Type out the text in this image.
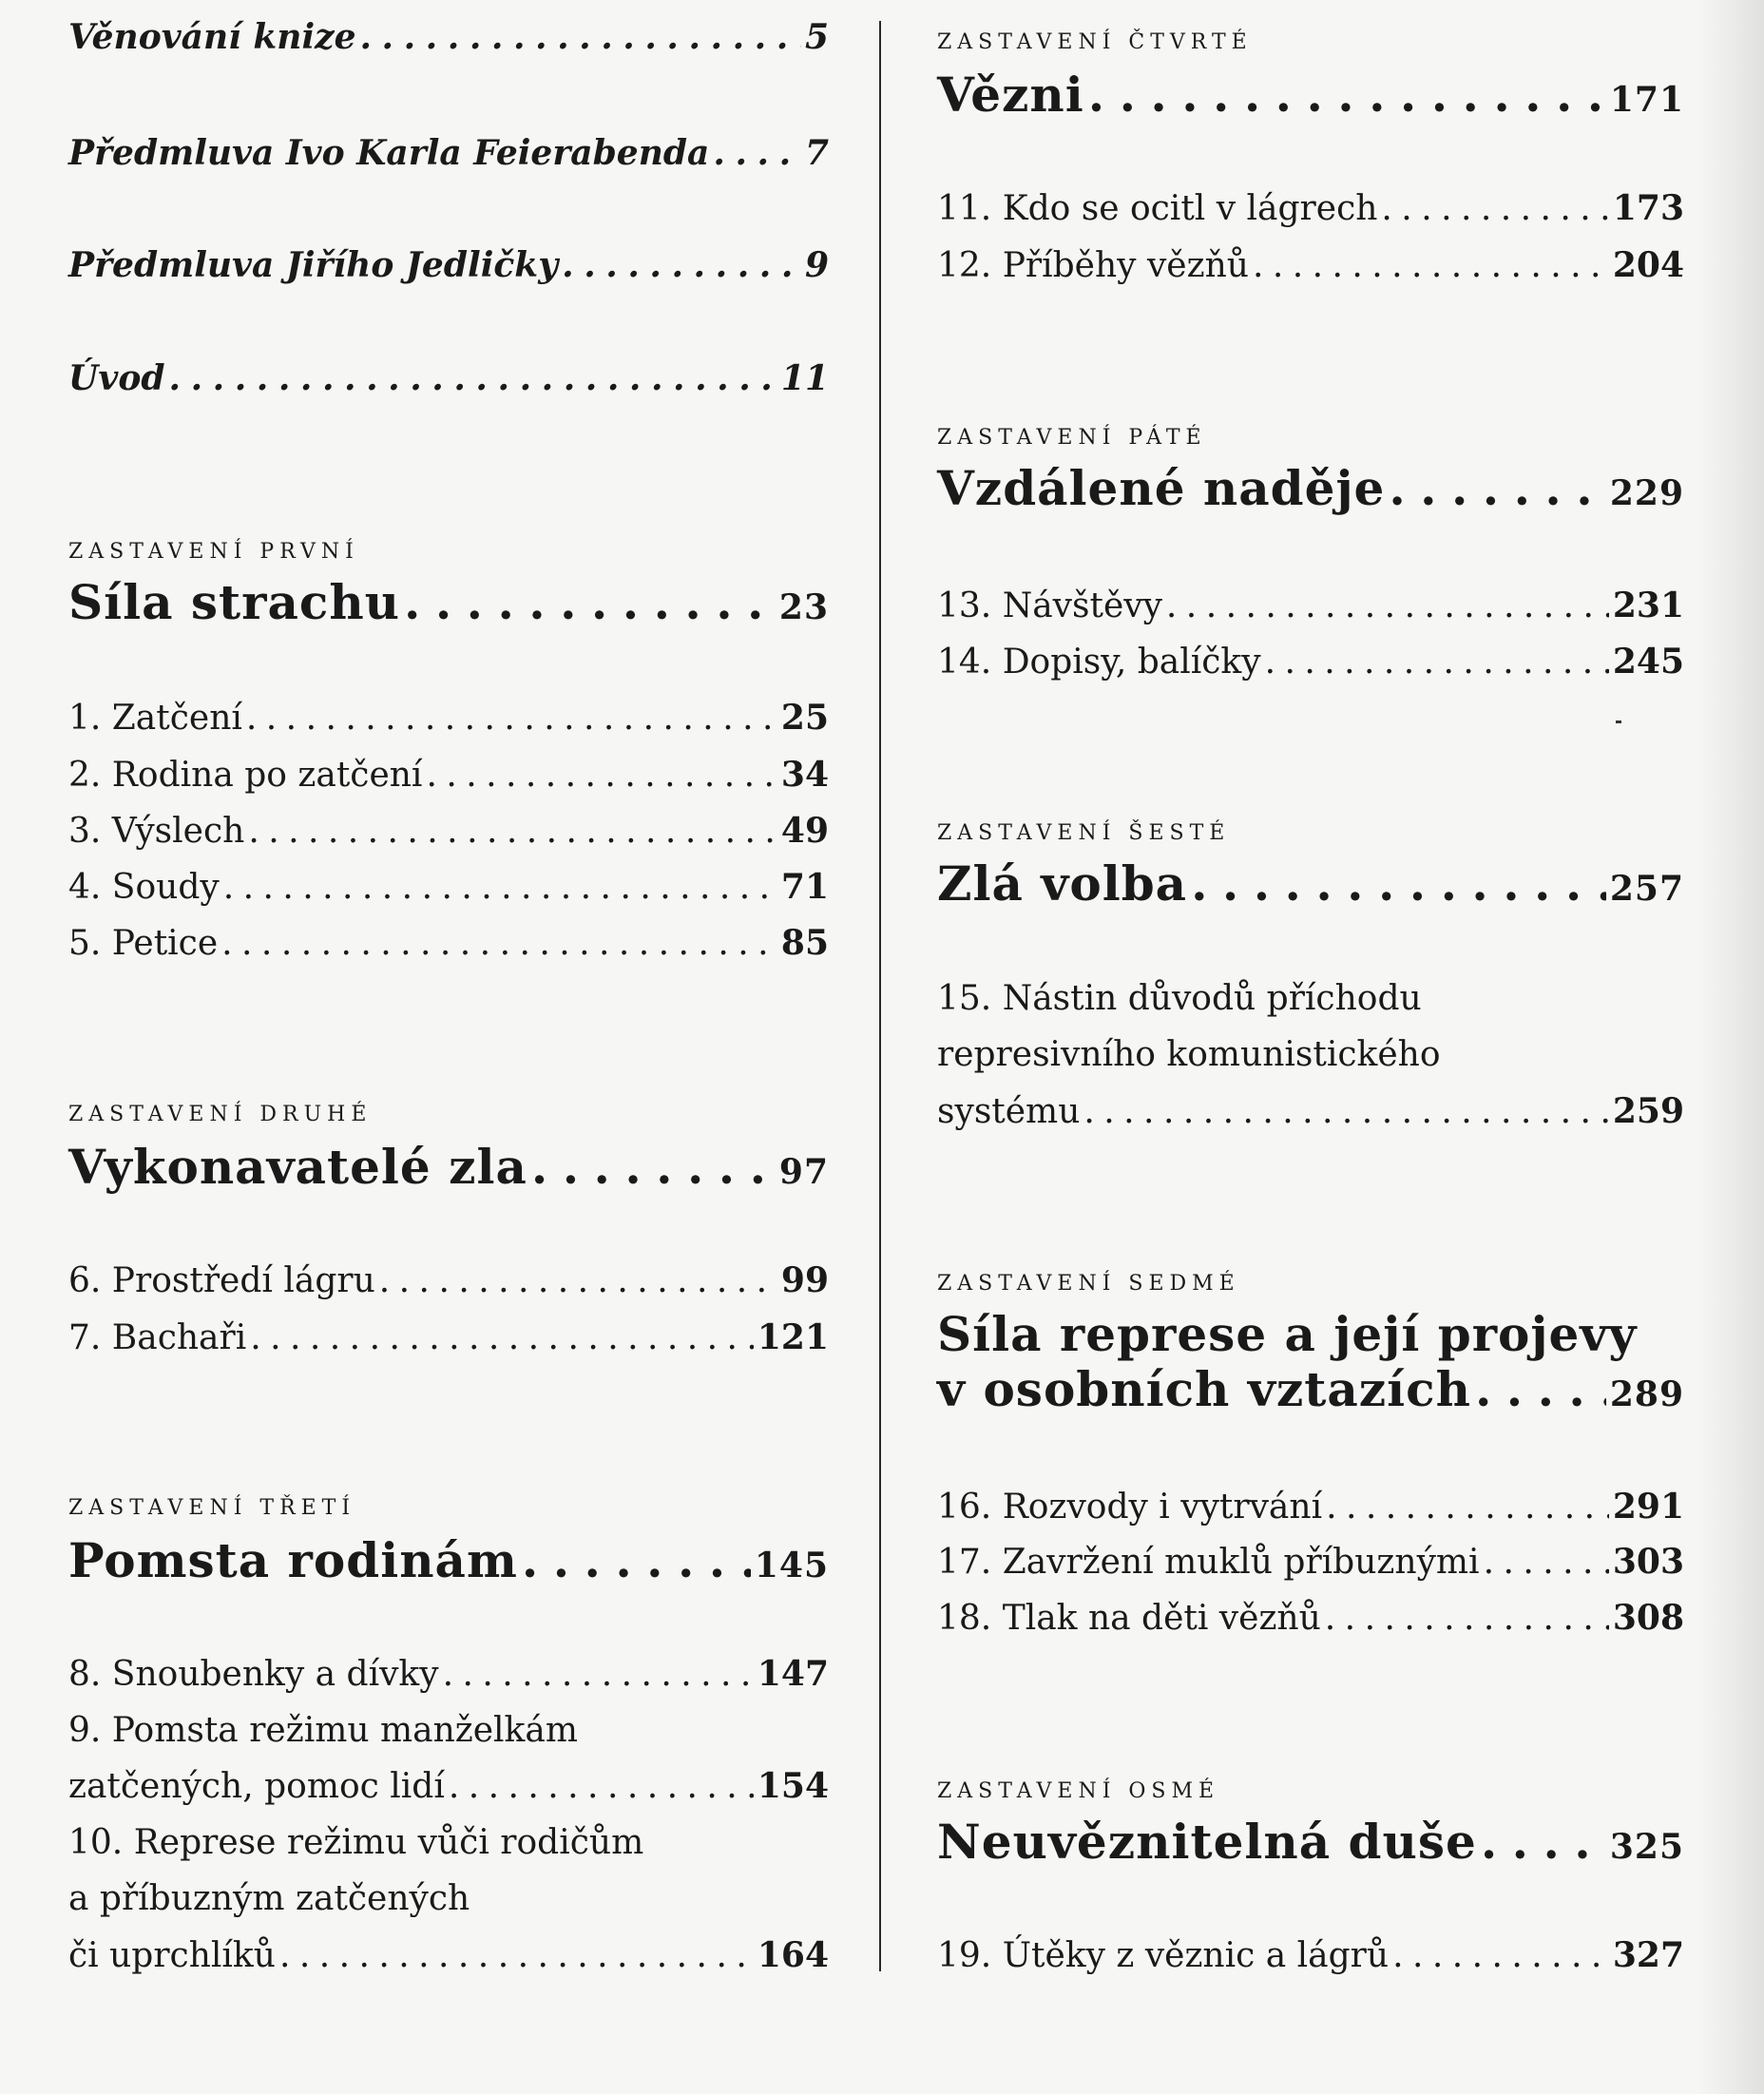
Věnování knize . . .	5
Předmluva Ivo Karla Feierabenda . . .	7
Předmluva Jiřího Jedličky . . .	9
Úvod . . .	11
ZASTAVENÍ PRVNÍ
Síla strachu . . .	23
1. Zatčení . . .	25
2. Rodina po zatčení . . .	34
3. Výslech . . .	49
4. Soudy . . .	71
5. Petice . . .	85
ZASTAVENÍ DRUHÉ
Vykonavatelé zla . . .	97
6. Prostředí lágru . . .	99
7. Bachaři . . .	121
ZASTAVENÍ TŘETÍ
Pomsta rodinám . . .	145
8. Snoubenky a dívky . . .	147
9. Pomsta režimu manželkám
zatčených, pomoc lidí . . .	154
10. Represe režimu vůči rodičům
a příbuzným zatčených
či uprchlíků . . .	164
ZASTAVENÍ ČTVRTÉ
Vězni . . .	171
11. Kdo se ocitl v lágrech . . .	173
12. Příběhy vězňů . . .	204
ZASTAVENÍ PÁTÉ
Vzdálené naděje . . .	229
13. Návštěvy . . .	231
14. Dopisy, balíčky . . .	245
ZASTAVENÍ ŠESTÉ
Zlá volba . . .	257
15. Nástin důvodů příchodu
represivního komunistického
systému . . .	259
ZASTAVENÍ SEDMÉ
Síla represe a její projevy
v osobních vztazích . . .	289
16. Rozvody i vytrvání . . .	291
17. Zavržení muklů příbuznými . . .	303
18. Tlak na děti vězňů . . .	308
ZASTAVENÍ OSMÉ
Neuvěznitelná duše . . .	325
19. Útěky z věznic a lágrů . . .	327
